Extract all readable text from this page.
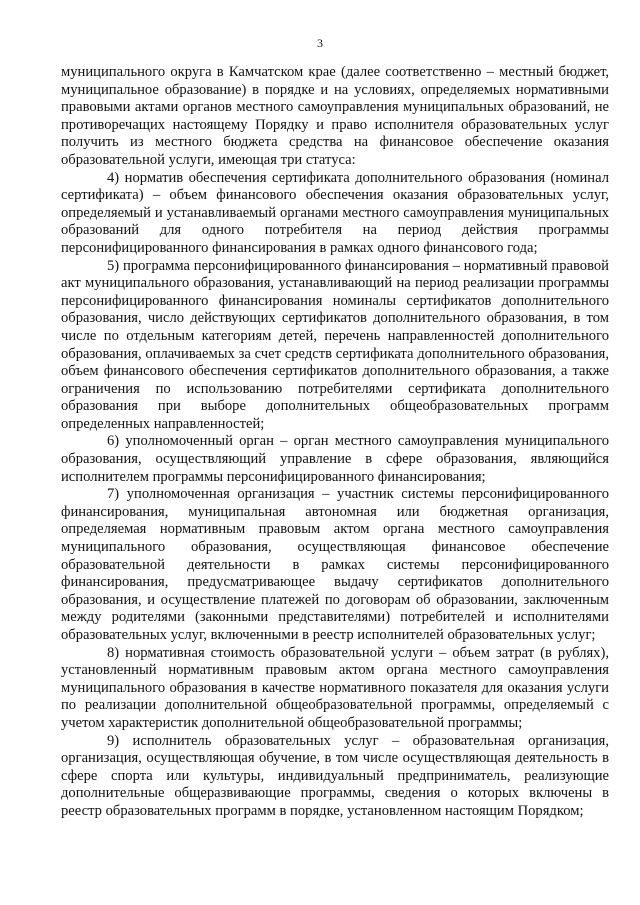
3

муниципального округа в Камчатском крае (далее соответственно – местный бюджет, муниципальное образование) в порядке и на условиях, определяемых нормативными правовыми актами органов местного самоуправления муниципальных образований, не противоречащих настоящему Порядку и право исполнителя образовательных услуг получить из местного бюджета средства на финансовое обеспечение оказания образовательной услуги, имеющая три статуса:

4) норматив обеспечения сертификата дополнительного образования (номинал сертификата) – объем финансового обеспечения оказания образовательных услуг, определяемый и устанавливаемый органами местного самоуправления муниципальных образований для одного потребителя на период действия программы персонифицированного финансирования в рамках одного финансового года;

5) программа персонифицированного финансирования – нормативный правовой акт муниципального образования, устанавливающий на период реализации программы персонифицированного финансирования номиналы сертификатов дополнительного образования, число действующих сертификатов дополнительного образования, в том числе по отдельным категориям детей, перечень направленностей дополнительного образования, оплачиваемых за счет средств сертификата дополнительного образования, объем финансового обеспечения сертификатов дополнительного образования, а также ограничения по использованию потребителями сертификата дополнительного образования при выборе дополнительных общеобразовательных программ определенных направленностей;

6) уполномоченный орган – орган местного самоуправления муниципального образования, осуществляющий управление в сфере образования, являющийся исполнителем программы персонифицированного финансирования;

7) уполномоченная организация – участник системы персонифицированного финансирования, муниципальная автономная или бюджетная организация, определяемая нормативным правовым актом органа местного самоуправления муниципального образования, осуществляющая финансовое обеспечение образовательной деятельности в рамках системы персонифицированного финансирования, предусматривающее выдачу сертификатов дополнительного образования, и осуществление платежей по договорам об образовании, заключенным между родителями (законными представителями) потребителей и исполнителями образовательных услуг, включенными в реестр исполнителей образовательных услуг;

8) нормативная стоимость образовательной услуги – объем затрат (в рублях), установленный нормативным правовым актом органа местного самоуправления муниципального образования в качестве нормативного показателя для оказания услуги по реализации дополнительной общеобразовательной программы, определяемый с учетом характеристик дополнительной общеобразовательной программы;

9) исполнитель образовательных услуг – образовательная организация, организация, осуществляющая обучение, в том числе осуществляющая деятельность в сфере спорта или культуры, индивидуальный предприниматель, реализующие дополнительные общеразвивающие программы, сведения о которых включены в реестр образовательных программ в порядке, установленном настоящим Порядком;
